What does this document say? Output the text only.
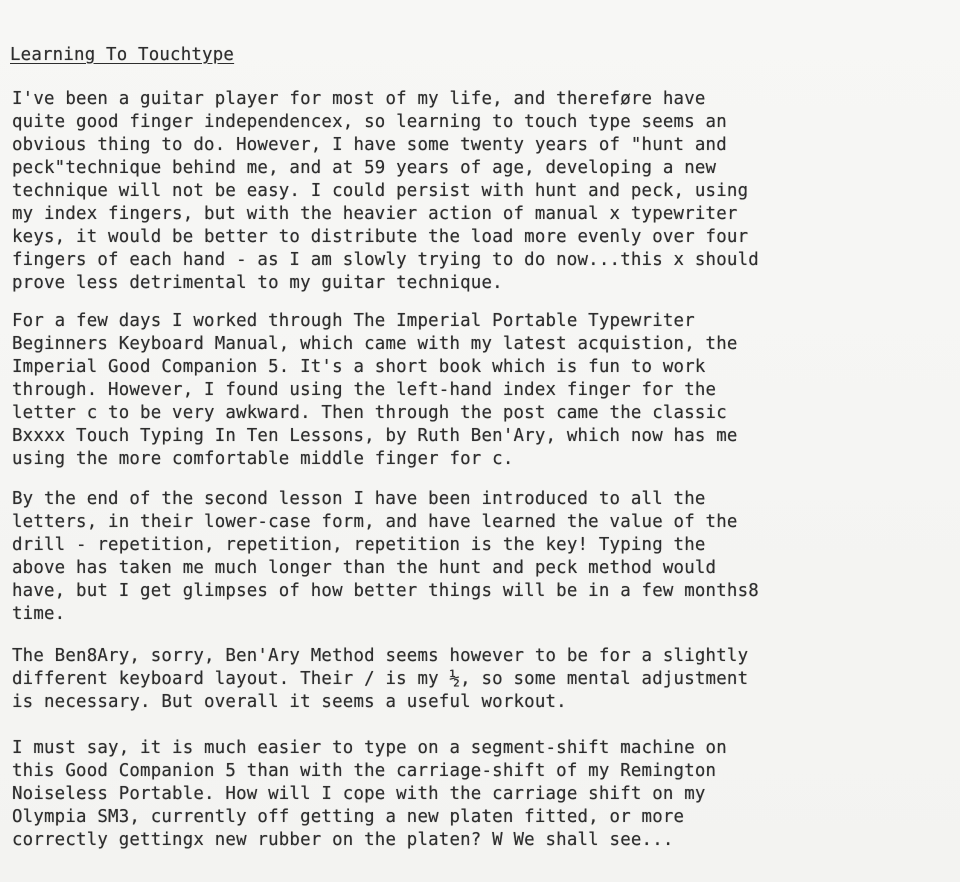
Learning To Touchtype

I've been a guitar player for most of my life, and thereføre have
quite good finger independencex, so learning to touch type seems an
obvious thing to do. However, I have some twenty years of "hunt and
peck"technique behind me, and at 59 years of age, developing a new
technique will not be easy. I could persist with hunt and peck, using
my index fingers, but with the heavier action of manual x typewriter
keys, it would be better to distribute the load more evenly over four
fingers of each hand - as I am slowly trying to do now...this x should
prove less detrimental to my guitar technique.

For a few days I worked through The Imperial Portable Typewriter
Beginners Keyboard Manual, which came with my latest acquistion, the
Imperial Good Companion 5. It's a short book which is fun to work
through. However, I found using the left-hand index finger for the
letter c to be very awkward. Then through the post came the classic
Bxxxx Touch Typing In Ten Lessons, by Ruth Ben'Ary, which now has me
using the more comfortable middle finger for c.

By the end of the second lesson I have been introduced to all the
letters, in their lower-case form, and have learned the value of the
drill - repetition, repetition, repetition is the key! Typing the
above has taken me much longer than the hunt and peck method would
have, but I get glimpses of how better things will be in a few months8
time.

The Ben8Ary, sorry, Ben'Ary Method seems however to be for a slightly
different keyboard layout. Their / is my ½, so some mental adjustment
is necessary. But overall it seems a useful workout.

I must say, it is much easier to type on a segment-shift machine on
this Good Companion 5 than with the carriage-shift of my Remington
Noiseless Portable. How will I cope with the carriage shift on my
Olympia SM3, currently off getting a new platen fitted, or more
correctly gettingx new rubber on the platen? W We shall see...
